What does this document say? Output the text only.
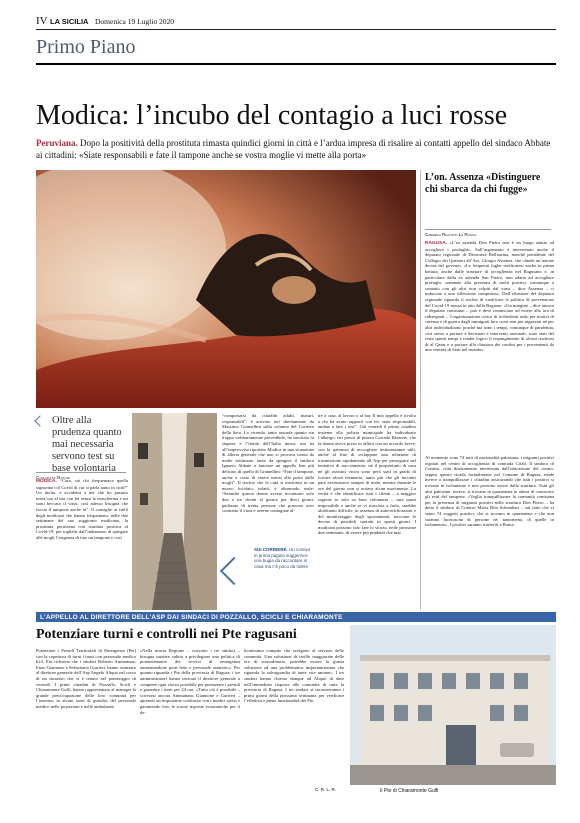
IV LA SICILIA Domenica 19 Luglio 2020
Primo Piano
Modica: l’incubo del contagio a luci rosse
Peruviana. Dopo la positività della prostituta rimasta quindici giorni in città e l’ardua impresa di risalire ai contatti appello del sindaco Abbate ai cittadini: «Siate responsabili e fate il tampone anche se vostra moglie vi mette alla porta»
Oltre alla prudenza quanto mai necessaria servono test su base volontaria
Concetta Bonini
MODICA. “Cara, sai chi frequentava quella signorina col Covid di cui si parla tanto in città?” Un invito, e accidenti a me che ho passato mezz’ora al bar con lei senza la mascherina e mi sono beccato il virus, così adesso bisogna che faccia il tampone anche tu”. Il consiglio ai frelli degli modicani che hanno frequentato, nelle due settimane del suo soggiorno modicano, la prostituta peruviana con risultata positiva al Covid-19, per toglierti dall’imbarazzo di spiegare alle mogli l’esigenza di fare un tampone e così
“comportarsi da cittadini adulti, maturi, responsabili”, è arrivato ieri direttamente da Massimo Gramellini sulla colonna del Corriere della Sera. La vicenda, tanto assurda quanto sin troppo ordinariamente prevedibile, ha suscitato lo stupore e l’ilarità dell’Italia intera, ma ha all’improvviso riportato Modica in una situazione di allerta generale che non si provava trenta da molte settimane, tanto da spingere il sindaco Ignazio Abbate a lanciare un appello ben più delicato di quello di Gramellini: “Fate il tampone, anche a costo di essere messi alla porta dalle mogli”. Il rischio che la città si trasformi in un nuovo focolaio, infatti, è oltremodo reale: “Seanche questa donna avesse incontrato solo due o tre clienti al giorno per dieci giorni, parliamo di trenta persone che possono aver contratto il virus e averne contagiate al-
SUI CORRIERE. Un corsivo in prima pagina suggerisce una bugia da raccontare in casa ma c’è poco da ridere
tre a casa, al lavoro o al bar. Il mio appello è rivolto a chi ha avuto rapporti con lei: siate responsabili, andate a fare i test”. Già venerdì il primo citadino insieme alla polizia municipale ha individuato l’albergo, nei pressi di piazza Corrado Rizzone, che la donna aveva preso in affitto con un accordo breve, con la speranza di raccogliere testimonianze utili, anche al fine di sviluppare una relazione di trasmissione rapidamente all’Asp per proseguire nel tentativo di tracciamento: né il proprietario di casa né gli assistiti vicini sono però stati in grado di fornire alcun elemento, tanto più che gli incontri pare avvenissero sempre di notte, mentre durante le ore del giorno non si notava alcun movimento. La verità è che identificare tutti i clienti – a maggior ragione se solo su base volontaria – sarà quasi impossibile e anche se vi riuscisse a farlo, sarebbe altrettanto difficile, in assenza di autocertificazioni e del monitoraggio degli spostamenti, tracciare le decine di possibili contatti in questi giorni. I modicani possono solo fare lo sforzo, nelle prossime due settimane, di essere più prudenti che mai.
L’on. Assenza «Distinguere chi sbarca da chi fugge»
Carmelo Riccotti La Rocca
RAGUSA. «L’ex azienda Don Pietro non è un luogo adatto ad accogliere i profughi». Sull’argomento è intervenuto anche il deputato regionale di Diventerà Bellissima, nonché presidente del Collegio dei Questori all’Ars, Giorgio Assenza, che chiede un’azione decisa del governo. «Le frequenti fughe verificatesi anche in prima battuta, anche dalle strutture di accoglienza nel Ragusano e, in particolare dalla ex azienda San Pietro, non adatta ad accogliere profughi, sommate alla presenza di molti positivi, comunque a contatto con gli altri non colpiti dal virus – dice Assenza – ci inducono a una riflessione composita». Dall’effusione del deputato regionale riguarda il rischio di vanificare la politica di prevenzione del Covid-19 messa in atto dalla Regione. «Un margine – dice ancora il deputato comisano – può e deve cominciare ad essere allo ora di ridisegnati – l’organizzazione civica di richiedenti asilo per motivi di carenza e di guerra dagli immigrati loro coari non per ragazzini né per altri individualismi: poiché ma sono i tempi, comunque di pandemia, così stessi a portare a decisioni e interventi razionali, sono stati del resto questi tempi a render logico il respingimento di alcuni rischiosi di al Qatar e a portare alla chiusura dei confini per i provenienti da una ventina di Stati nel mondo».
Al momento sono 74 tutti di nazionalità pakistana, i migranti positivi ospitati nel centro di accoglienza di contrada Cifali. Il sindaco di Comiso, città direttamente interessata dall’ubicazione del centro, seppur questo ricada formalmente nel Comune di Ragusa, tende invece a tranquillizzare i cittadini assicurando che tutti i positivi si trovano in isolamento e non possono uscire dalla struttura. Tutti gli altri pakistani, invece, si trovano in quarantena in attesa di conoscere gli esiti del tampone. «Voglio tranquillizzare la comunità comisana per la presenza di migranti positivi nella struttura Don Pietro – ha detto il sindaco di Comiso Maria Rita Schembari – sul fatto che vi siano 74 soggetti positivi, che si trovano in quarantena e che non saranno fuoriuscita di persone né, tantomeno, di quelle in isolamento». I positivi saranno trasferiti a Roma.
L’APPELLO AL DIRETTORE DELL’ASP DAI SINDACI DI POZZALLO, SCICLI E CHIARAMONTE
Potenziare turni e controlli nei Pte ragusani
Potenziare i Presidi Territoriali di Emergenza (Pte) con la copertura di turni i turni con personale medico h24. Era richiesta che i sindaci Roberto Ammatuna, Enzo Giannone e Sebastiano Gurrieri, hanno avanzato al direttore generale dell’Asp Angelo Aliquò nel corso di un incontro che si è tenuto nel pomeriggio di venerdì. I primi cittadini di Pozzallo, Scicli e Chiaramonte Gulfi, hanno rappresentato al manager la grande preoccupazione delle loro comunità per l’assenza, in alcuni turni di guardia, del personale medico nelle postazioni e nelle ambulanze.
«Nella nostra Regione – scrivono i tre sindaci – bisogna iniziare subito a privilegiare una politica di potenziamento dei servizi di emergenza aumentandone posti letto e personale sanitario». Per quanto riguarda i Pte della provincia di Ragusa, i tre amministratori hanno invitato il direttore generale a compiere ogni sforzo possibile per potenziare i presidi e garantire i turni per 24 ore. «Tutto ciò è possibile – scrivono ancora Ammatuna, Giannone e Gurrieri – aprendo un importante confronto con i medici stessi e garantendo loro le scarse risposte economiche per il de-
licatissimo compito che svolgono al servizio delle comunità. Una soluzione di tariffe maggiorate delle ore di straordinario, potrebbe essere la giusta soluzione ad una problematica importantissima che riguarda la salvaguardia di tante vite umane». I tre sindaci hanno chiesto dunque ad Aliquò di dare nell’immediato risposte alle comunità di tutta la provincia di Ragusa. I tre sindaci si incontreranno i primi giorni della prossima settimana per verificare l’effettiva e piena funzionalità dei Pte.
C. R. L. R.	Il Pte di Chiaramonte Gulfi
